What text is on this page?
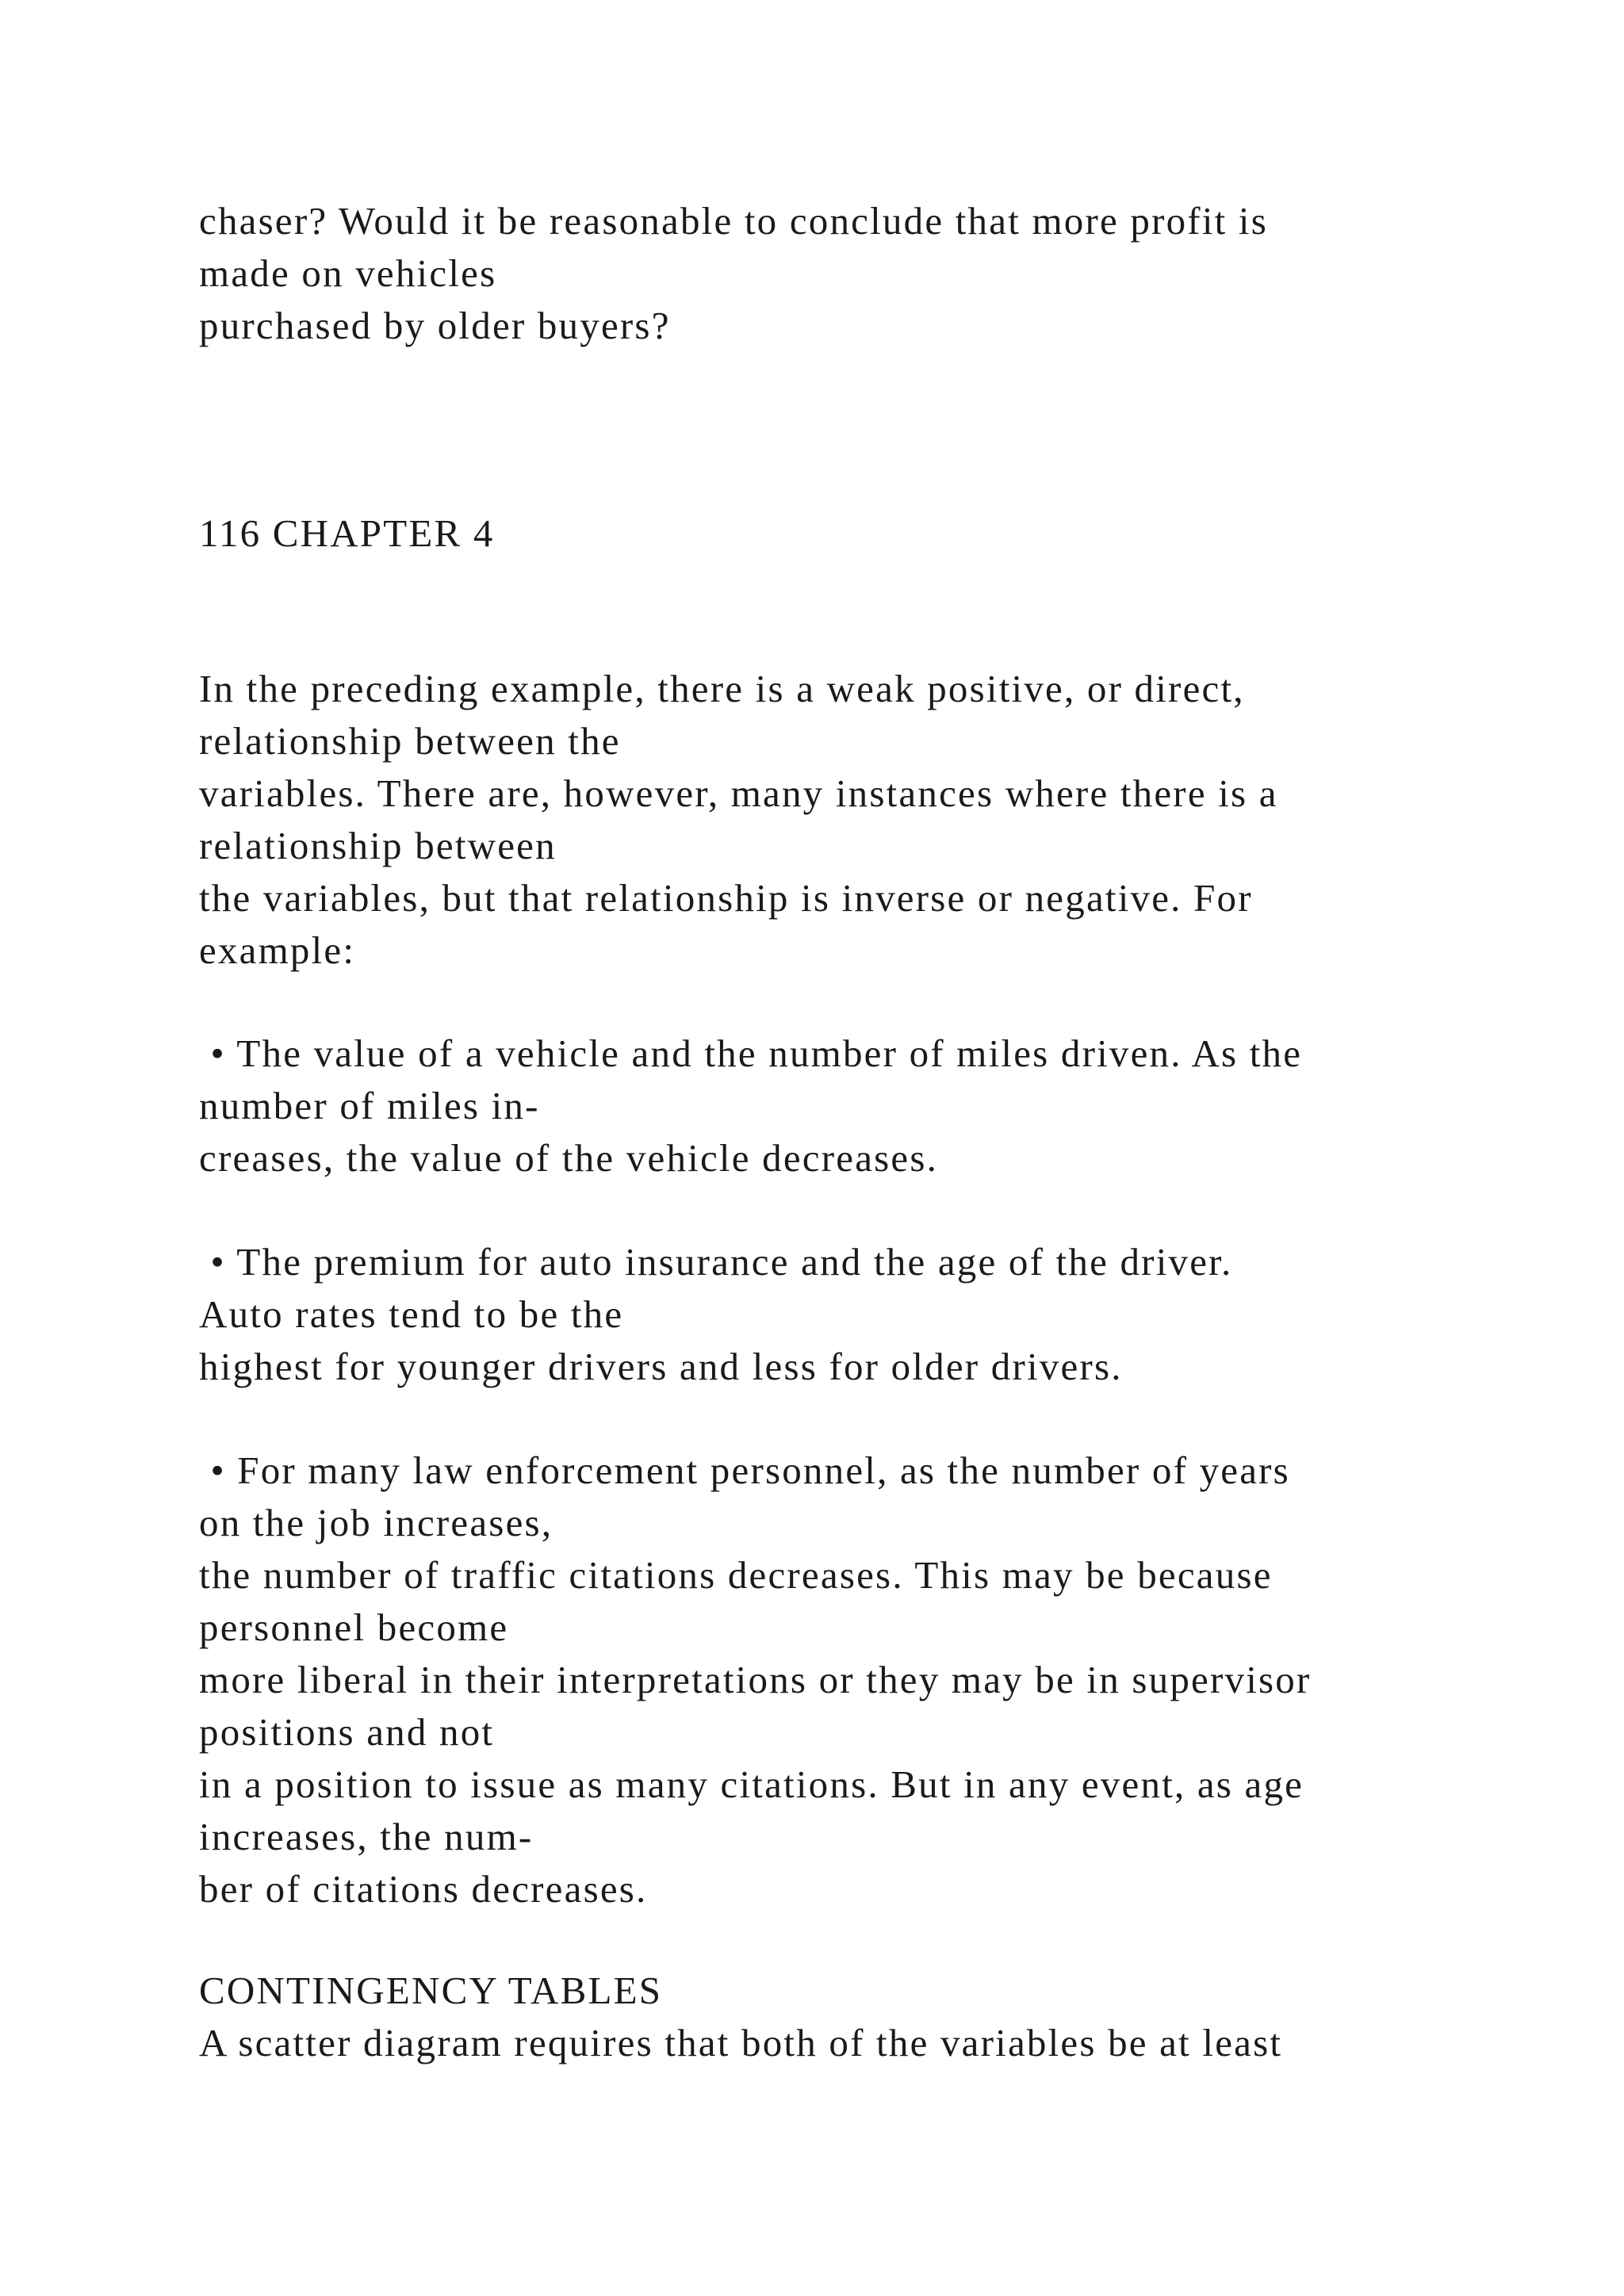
chaser? Would it be reasonable to conclude that more profit is
made on vehicles
purchased by older buyers?
116 CHAPTER 4
In the preceding example, there is a weak positive, or direct,
relationship between the
variables. There are, however, many instances where there is a
relationship between
the variables, but that relationship is inverse or negative. For
example:
• The value of a vehicle and the number of miles driven. As the
number of miles in-
creases, the value of the vehicle decreases.
• The premium for auto insurance and the age of the driver.
Auto rates tend to be the
highest for younger drivers and less for older drivers.
• For many law enforcement personnel, as the number of years
on the job increases,
the number of traffic citations decreases. This may be because
personnel become
more liberal in their interpretations or they may be in supervisor
positions and not
in a position to issue as many citations. But in any event, as age
increases, the num-
ber of citations decreases.
CONTINGENCY TABLES
A scatter diagram requires that both of the variables be at least
